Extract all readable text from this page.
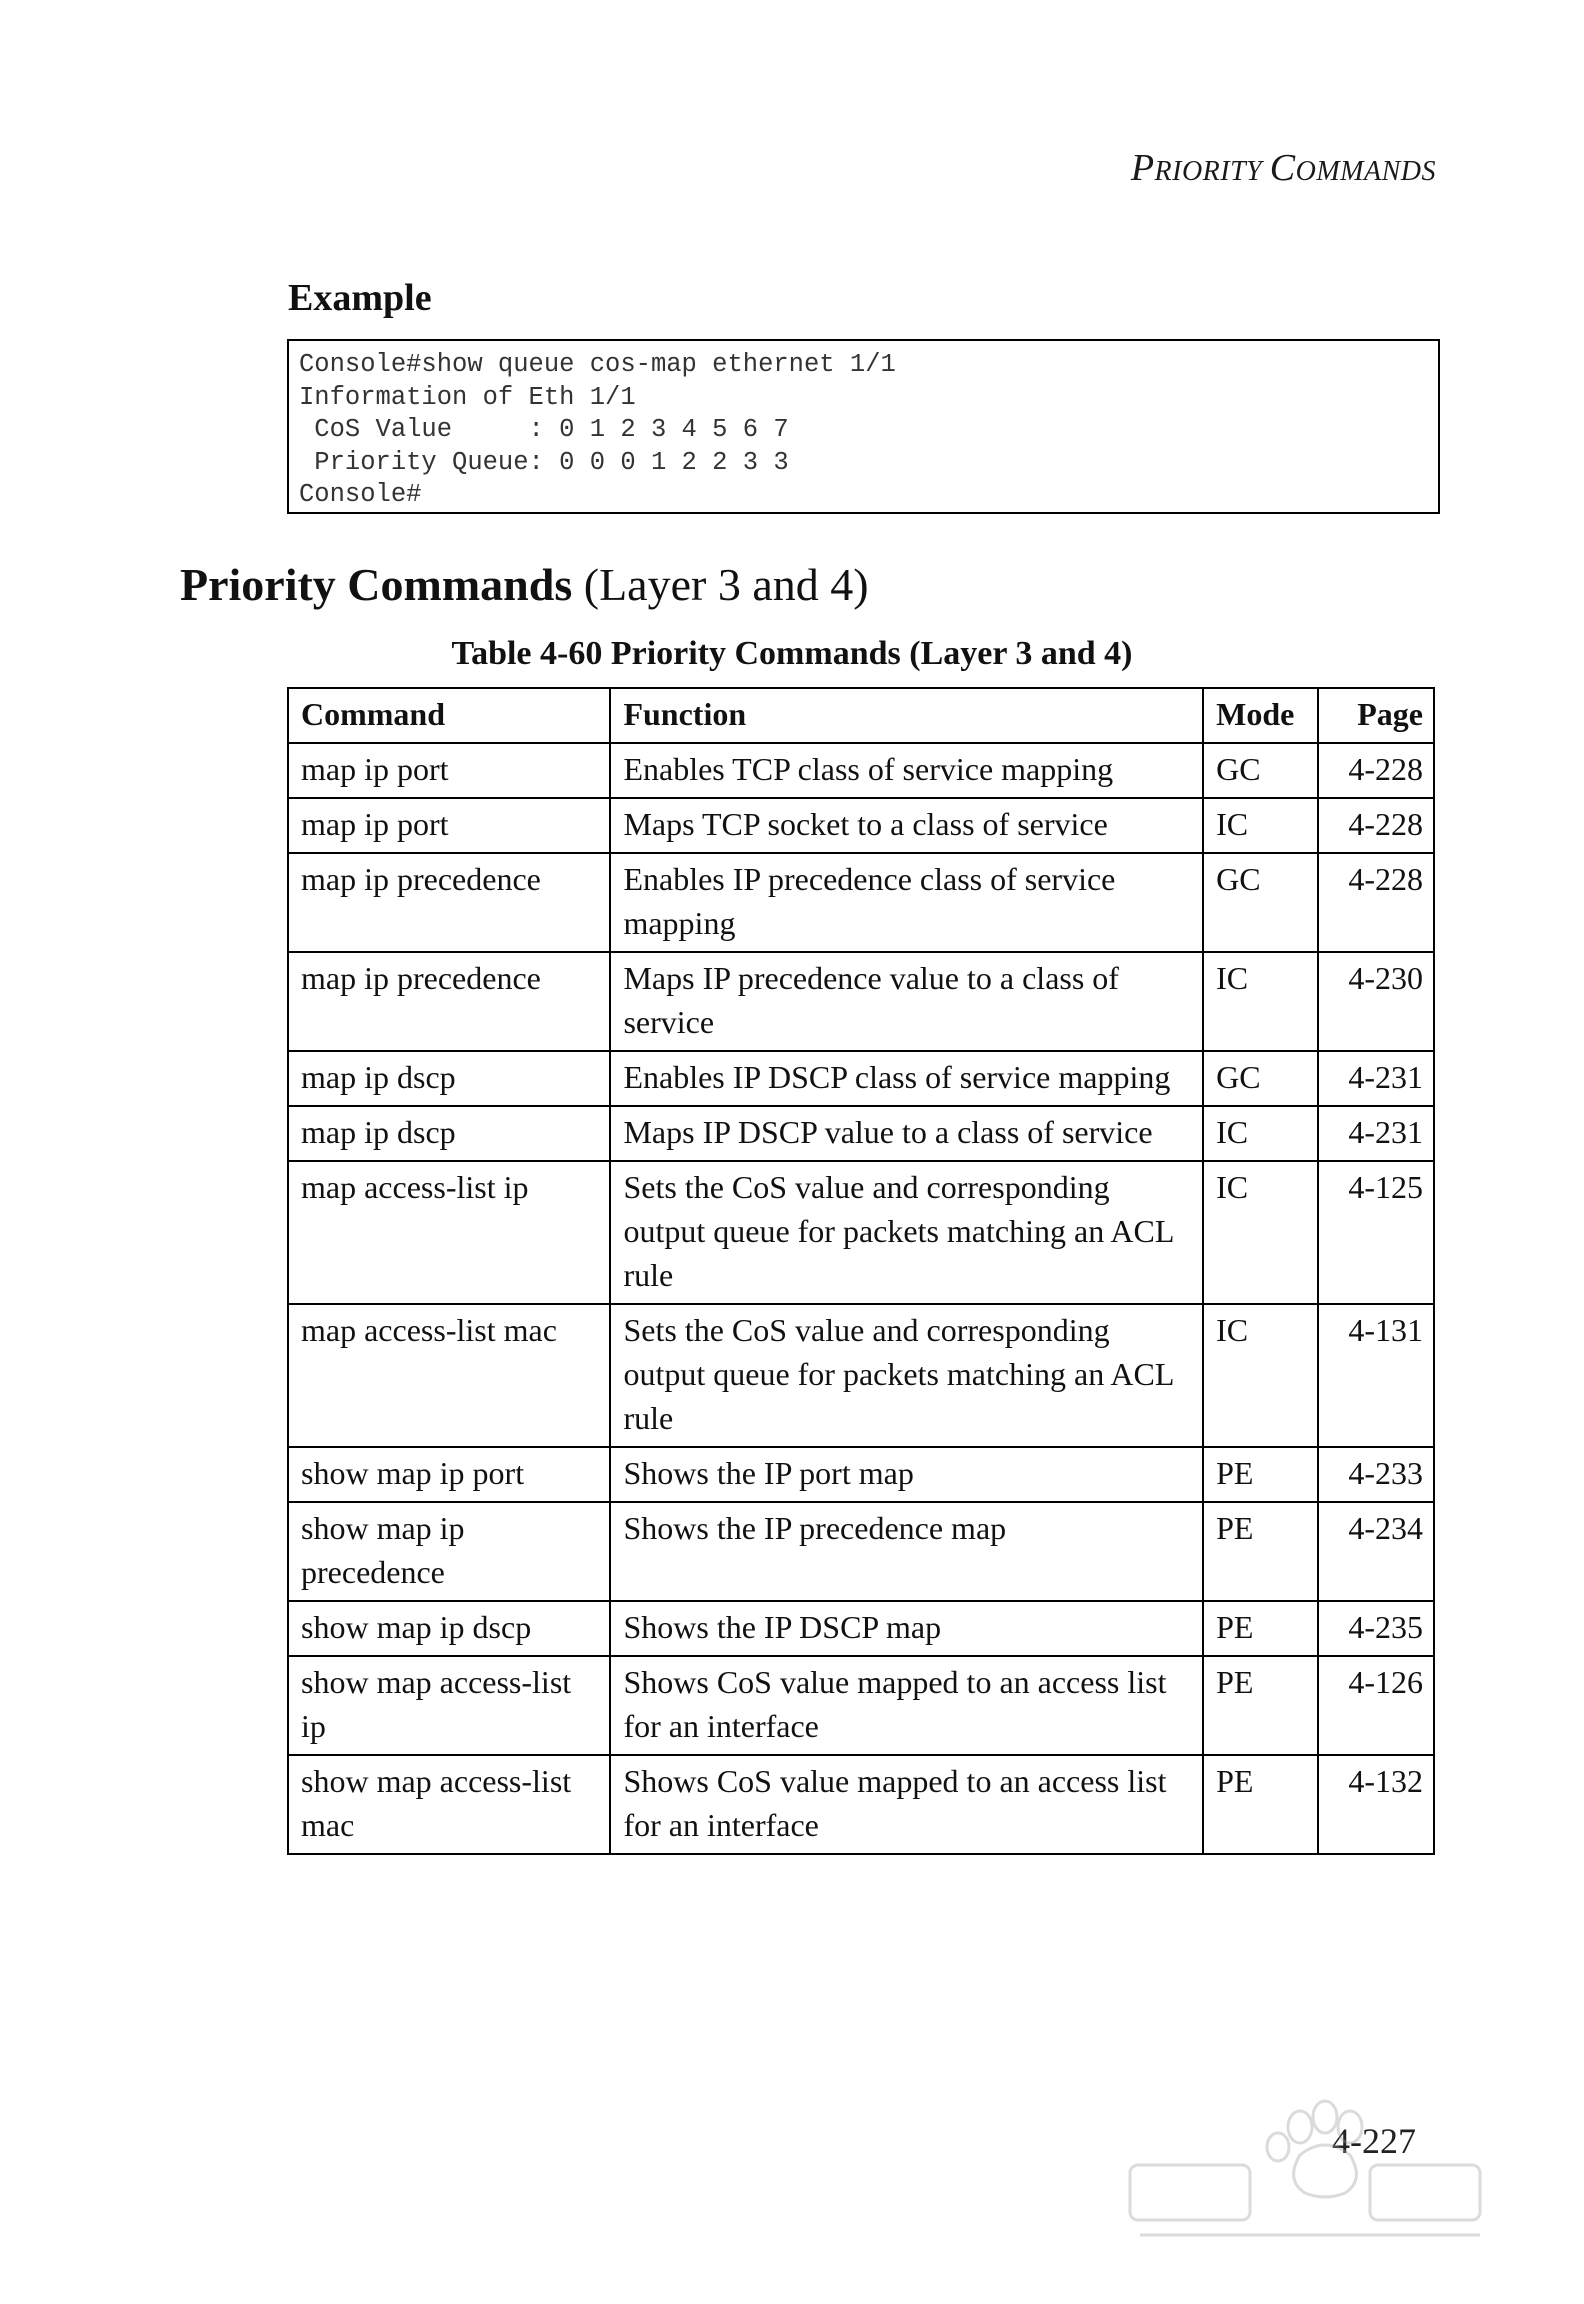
PRIORITY COMMANDS
Example
Console#show queue cos-map ethernet 1/1
Information of Eth 1/1
CoS Value     : 0 1 2 3 4 5 6 7
Priority Queue: 0 0 0 1 2 2 3 3
Console#
Priority Commands (Layer 3 and 4)

Table 4-60 Priority Commands (Layer 3 and 4)

Command	Function	Mode	Page
map ip port	Enables TCP class of service mapping	GC	4-228
map ip port	Maps TCP socket to a class of service	IC	4-228
map ip precedence	Enables IP precedence class of service mapping	GC	4-228
map ip precedence	Maps IP precedence value to a class of service	IC	4-230
map ip dscp	Enables IP DSCP class of service mapping	GC	4-231
map ip dscp	Maps IP DSCP value to a class of service	IC	4-231
map access-list ip	Sets the CoS value and corresponding output queue for packets matching an ACL rule	IC	4-125
map access-list mac	Sets the CoS value and corresponding output queue for packets matching an ACL rule	IC	4-131
show map ip port	Shows the IP port map	PE	4-233
show map ip precedence	Shows the IP precedence map	PE	4-234
show map ip dscp	Shows the IP DSCP map	PE	4-235
show map access-list ip	Shows CoS value mapped to an access list for an interface	PE	4-126
show map access-list mac	Shows CoS value mapped to an access list for an interface	PE	4-132
4-227
